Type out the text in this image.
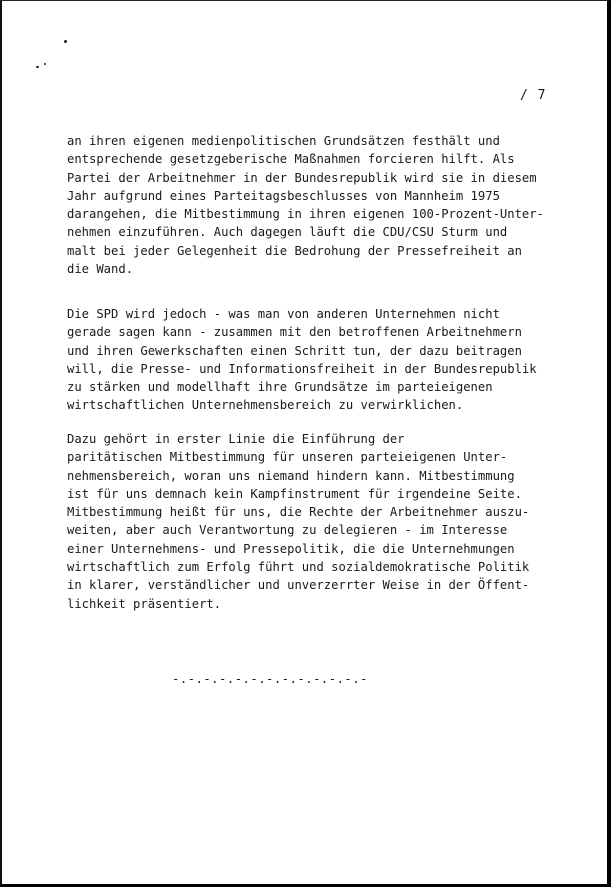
/ 7
an ihren eigenen medienpolitischen Grundsätzen festhält und
entsprechende gesetzgeberische Maßnahmen forcieren hilft. Als
Partei der Arbeitnehmer in der Bundesrepublik wird sie in diesem
Jahr aufgrund eines Parteitagsbeschlusses von Mannheim 1975
darangehen, die Mitbestimmung in ihren eigenen 100-Prozent-Unter-
nehmen einzuführen. Auch dagegen läuft die CDU/CSU Sturm und
malt bei jeder Gelegenheit die Bedrohung der Pressefreiheit an
die Wand.
Die SPD wird jedoch - was man von anderen Unternehmen nicht
gerade sagen kann - zusammen mit den betroffenen Arbeitnehmern
und ihren Gewerkschaften einen Schritt tun, der dazu beitragen
will, die Presse- und Informationsfreiheit in der Bundesrepublik
zu stärken und modellhaft ihre Grundsätze im parteieigenen
wirtschaftlichen Unternehmensbereich zu verwirklichen.
Dazu gehört in erster Linie die Einführung der
paritätischen Mitbestimmung für unseren parteieigenen Unter-
nehmensbereich, woran uns niemand hindern kann. Mitbestimmung
ist für uns demnach kein Kampfinstrument für irgendeine Seite.
Mitbestimmung heißt für uns, die Rechte der Arbeitnehmer auszu-
weiten, aber auch Verantwortung zu delegieren - im Interesse
einer Unternehmens- und Pressepolitik, die die Unternehmungen
wirtschaftlich zum Erfolg führt und sozialdemokratische Politik
in klarer, verständlicher und unverzerrter Weise in der Öffent-
lichkeit präsentiert.
-.-.-.-.-.-.-.-.-.-.-.-.-
